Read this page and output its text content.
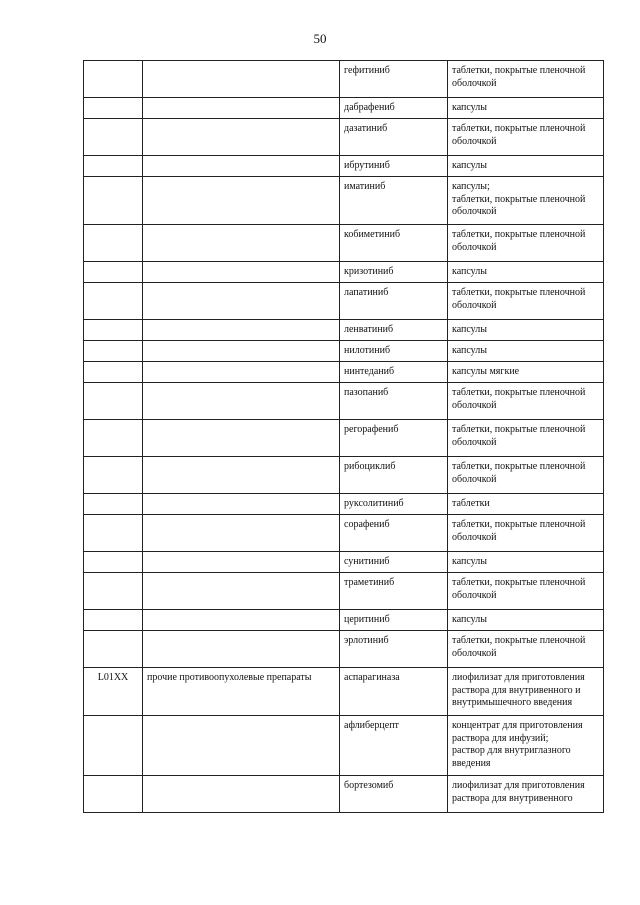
50
		гефитиниб	таблетки, покрытые пленочной оболочкой
		дабрафениб	капсулы
		дазатиниб	таблетки, покрытые пленочной оболочкой
		ибрутиниб	капсулы
		иматиниб	капсулы;
таблетки, покрытые пленочной оболочкой
		кобиметиниб	таблетки, покрытые пленочной оболочкой
		кризотиниб	капсулы
		лапатиниб	таблетки, покрытые пленочной оболочкой
		ленватиниб	капсулы
		нилотиниб	капсулы
		нинтеданиб	капсулы мягкие
		пазопаниб	таблетки, покрытые пленочной оболочкой
		регорафениб	таблетки, покрытые пленочной оболочкой
		рибоциклиб	таблетки, покрытые пленочной оболочкой
		руксолитиниб	таблетки
		сорафениб	таблетки, покрытые пленочной оболочкой
		сунитиниб	капсулы
		траметиниб	таблетки, покрытые пленочной оболочкой
		церитиниб	капсулы
		эрлотиниб	таблетки, покрытые пленочной оболочкой
L01XX	прочие противоопухолевые препараты	аспарагиназа	лиофилизат для приготовления раствора для внутривенного и внутримышечного введения
		афлиберцепт	концентрат для приготовления раствора для инфузий;
раствор для внутриглазного введения
		бортезомиб	лиофилизат для приготовления раствора для внутривенного
